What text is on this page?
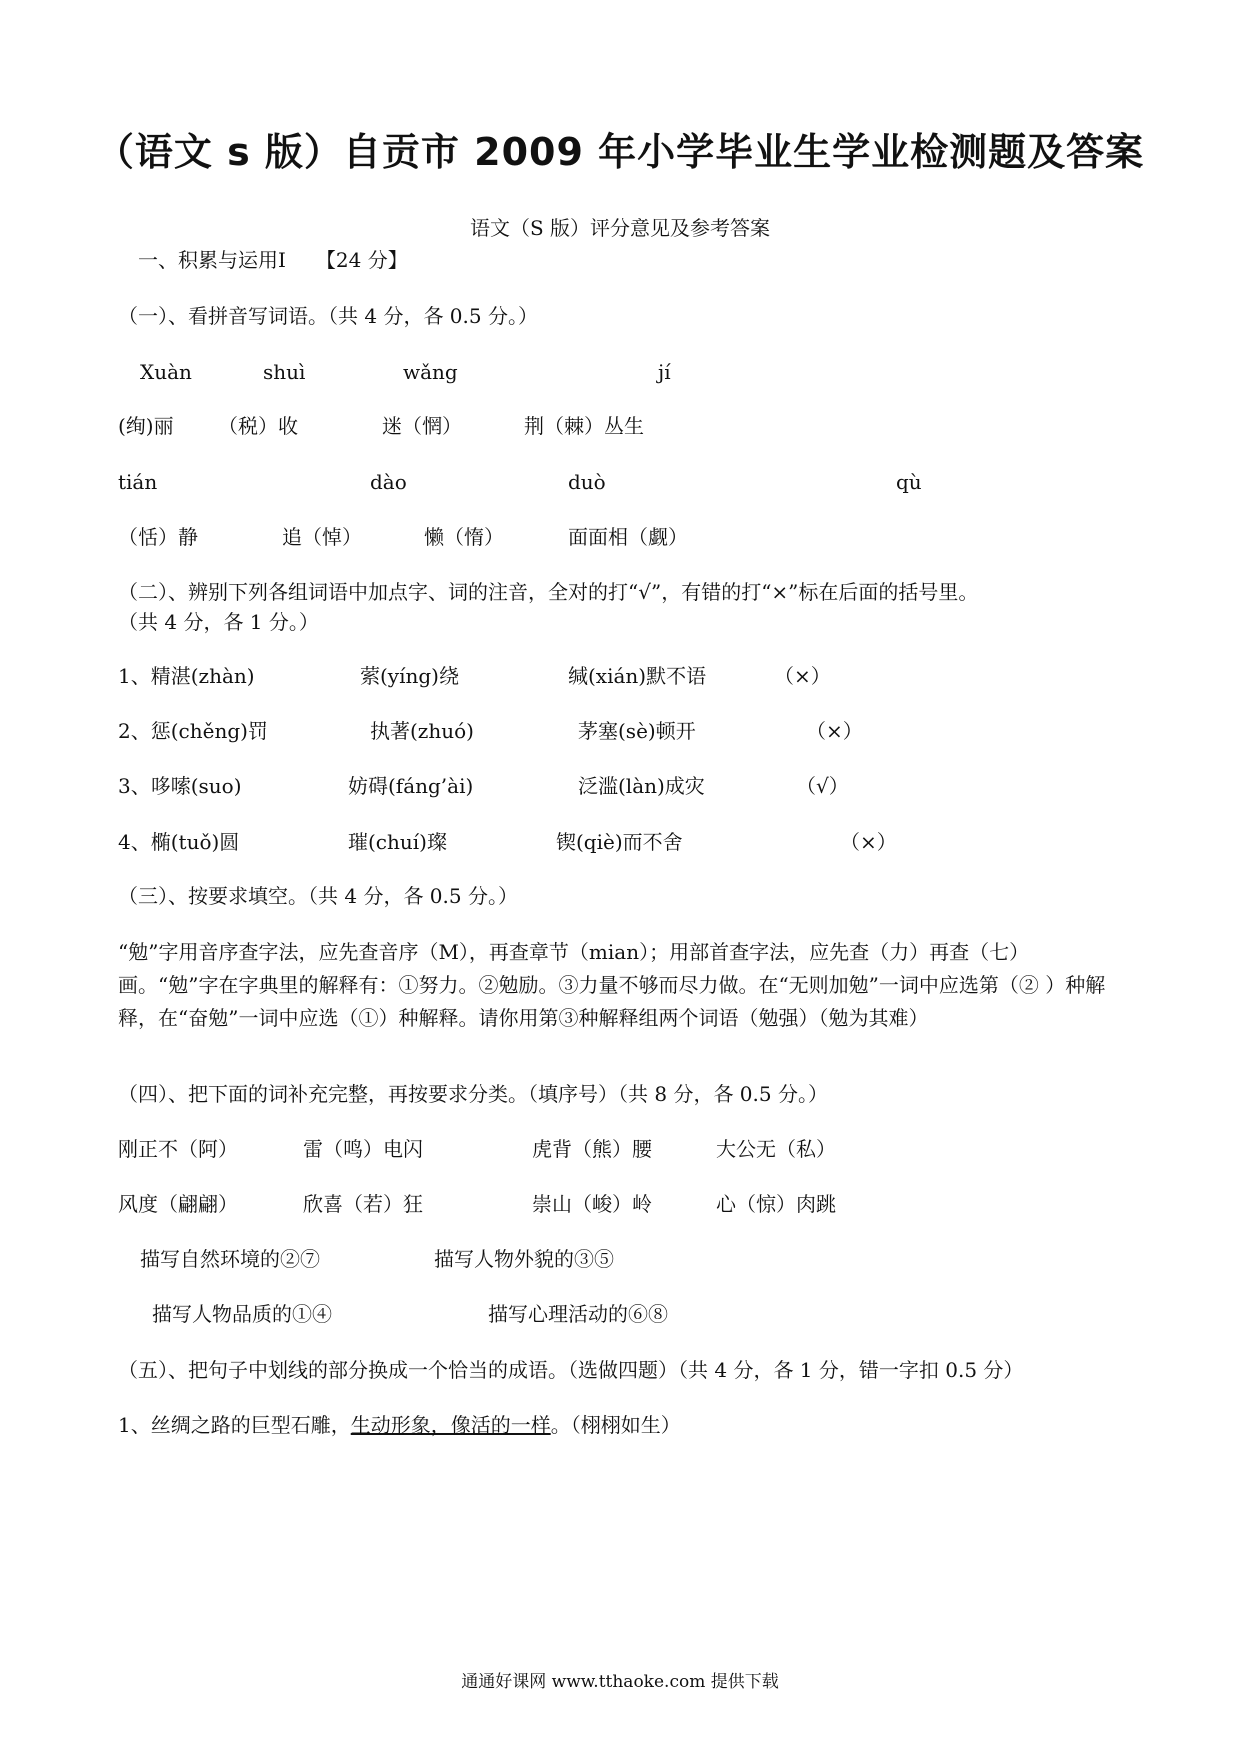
（语文 s 版）自贡市 2009 年小学毕业生学业检测题及答案
语文（S 版）评分意见及参考答案
一、积累与运用Ⅰ　　【24 分】
（一）、看拼音写词语。（共 4 分，各 0.5 分。）
Xuàn	shuì	wǎng	jí
(绚)丽 （税）收	迷（惘）	荆（棘）丛生
tián	dào	duò	qù
（恬）静	追（悼）	懒（惰）	面面相（觑）
（二）、辨别下列各组词语中加点字、词的注音，全对的打“√”，有错的打“×”标在后面的括号里。
（共 4 分，各 1 分。）
1、精湛(zhàn)	萦(yíng)绕	缄(xián)默不语	（×）
2、惩(chěng)罚	执著(zhuó)	茅塞(sè)顿开	（×）
3、哆嗦(suo)	妨碍(fáng’ài)	泛滥(làn)成灾	（√）
4、椭(tuǒ)圆	璀(chuí)璨	锲(qiè)而不舍	（×）
（三）、按要求填空。（共 4 分，各 0.5 分。）
“勉”字用音序查字法，应先查音序（M），再查章节（mian）；用部首查字法，应先查（力）再查（七）画。“勉”字在字典里的解释有：①努力。②勉励。③力量不够而尽力做。在“无则加勉”一词中应选第（② ）种解释，在“奋勉”一词中应选（①）种解释。请你用第③种解释组两个词语（勉强）（勉为其难）
（四）、把下面的词补充完整，再按要求分类。（填序号）（共 8 分，各 0.5 分。）
刚正不（阿）	雷（鸣）电闪	虎背（熊）腰	大公无（私）
风度（翩翩）	欣喜（若）狂	崇山（峻）岭	心（惊）肉跳
描写自然环境的②⑦	描写人物外貌的③⑤
描写人物品质的①④	描写心理活动的⑥⑧
（五）、把句子中划线的部分换成一个恰当的成语。（选做四题）（共 4 分，各 1 分，错一字扣 0.5 分）
1、丝绸之路的巨型石雕，生动形象，像活的一样。（栩栩如生）
通通好课网 www.tthaoke.com 提供下载
